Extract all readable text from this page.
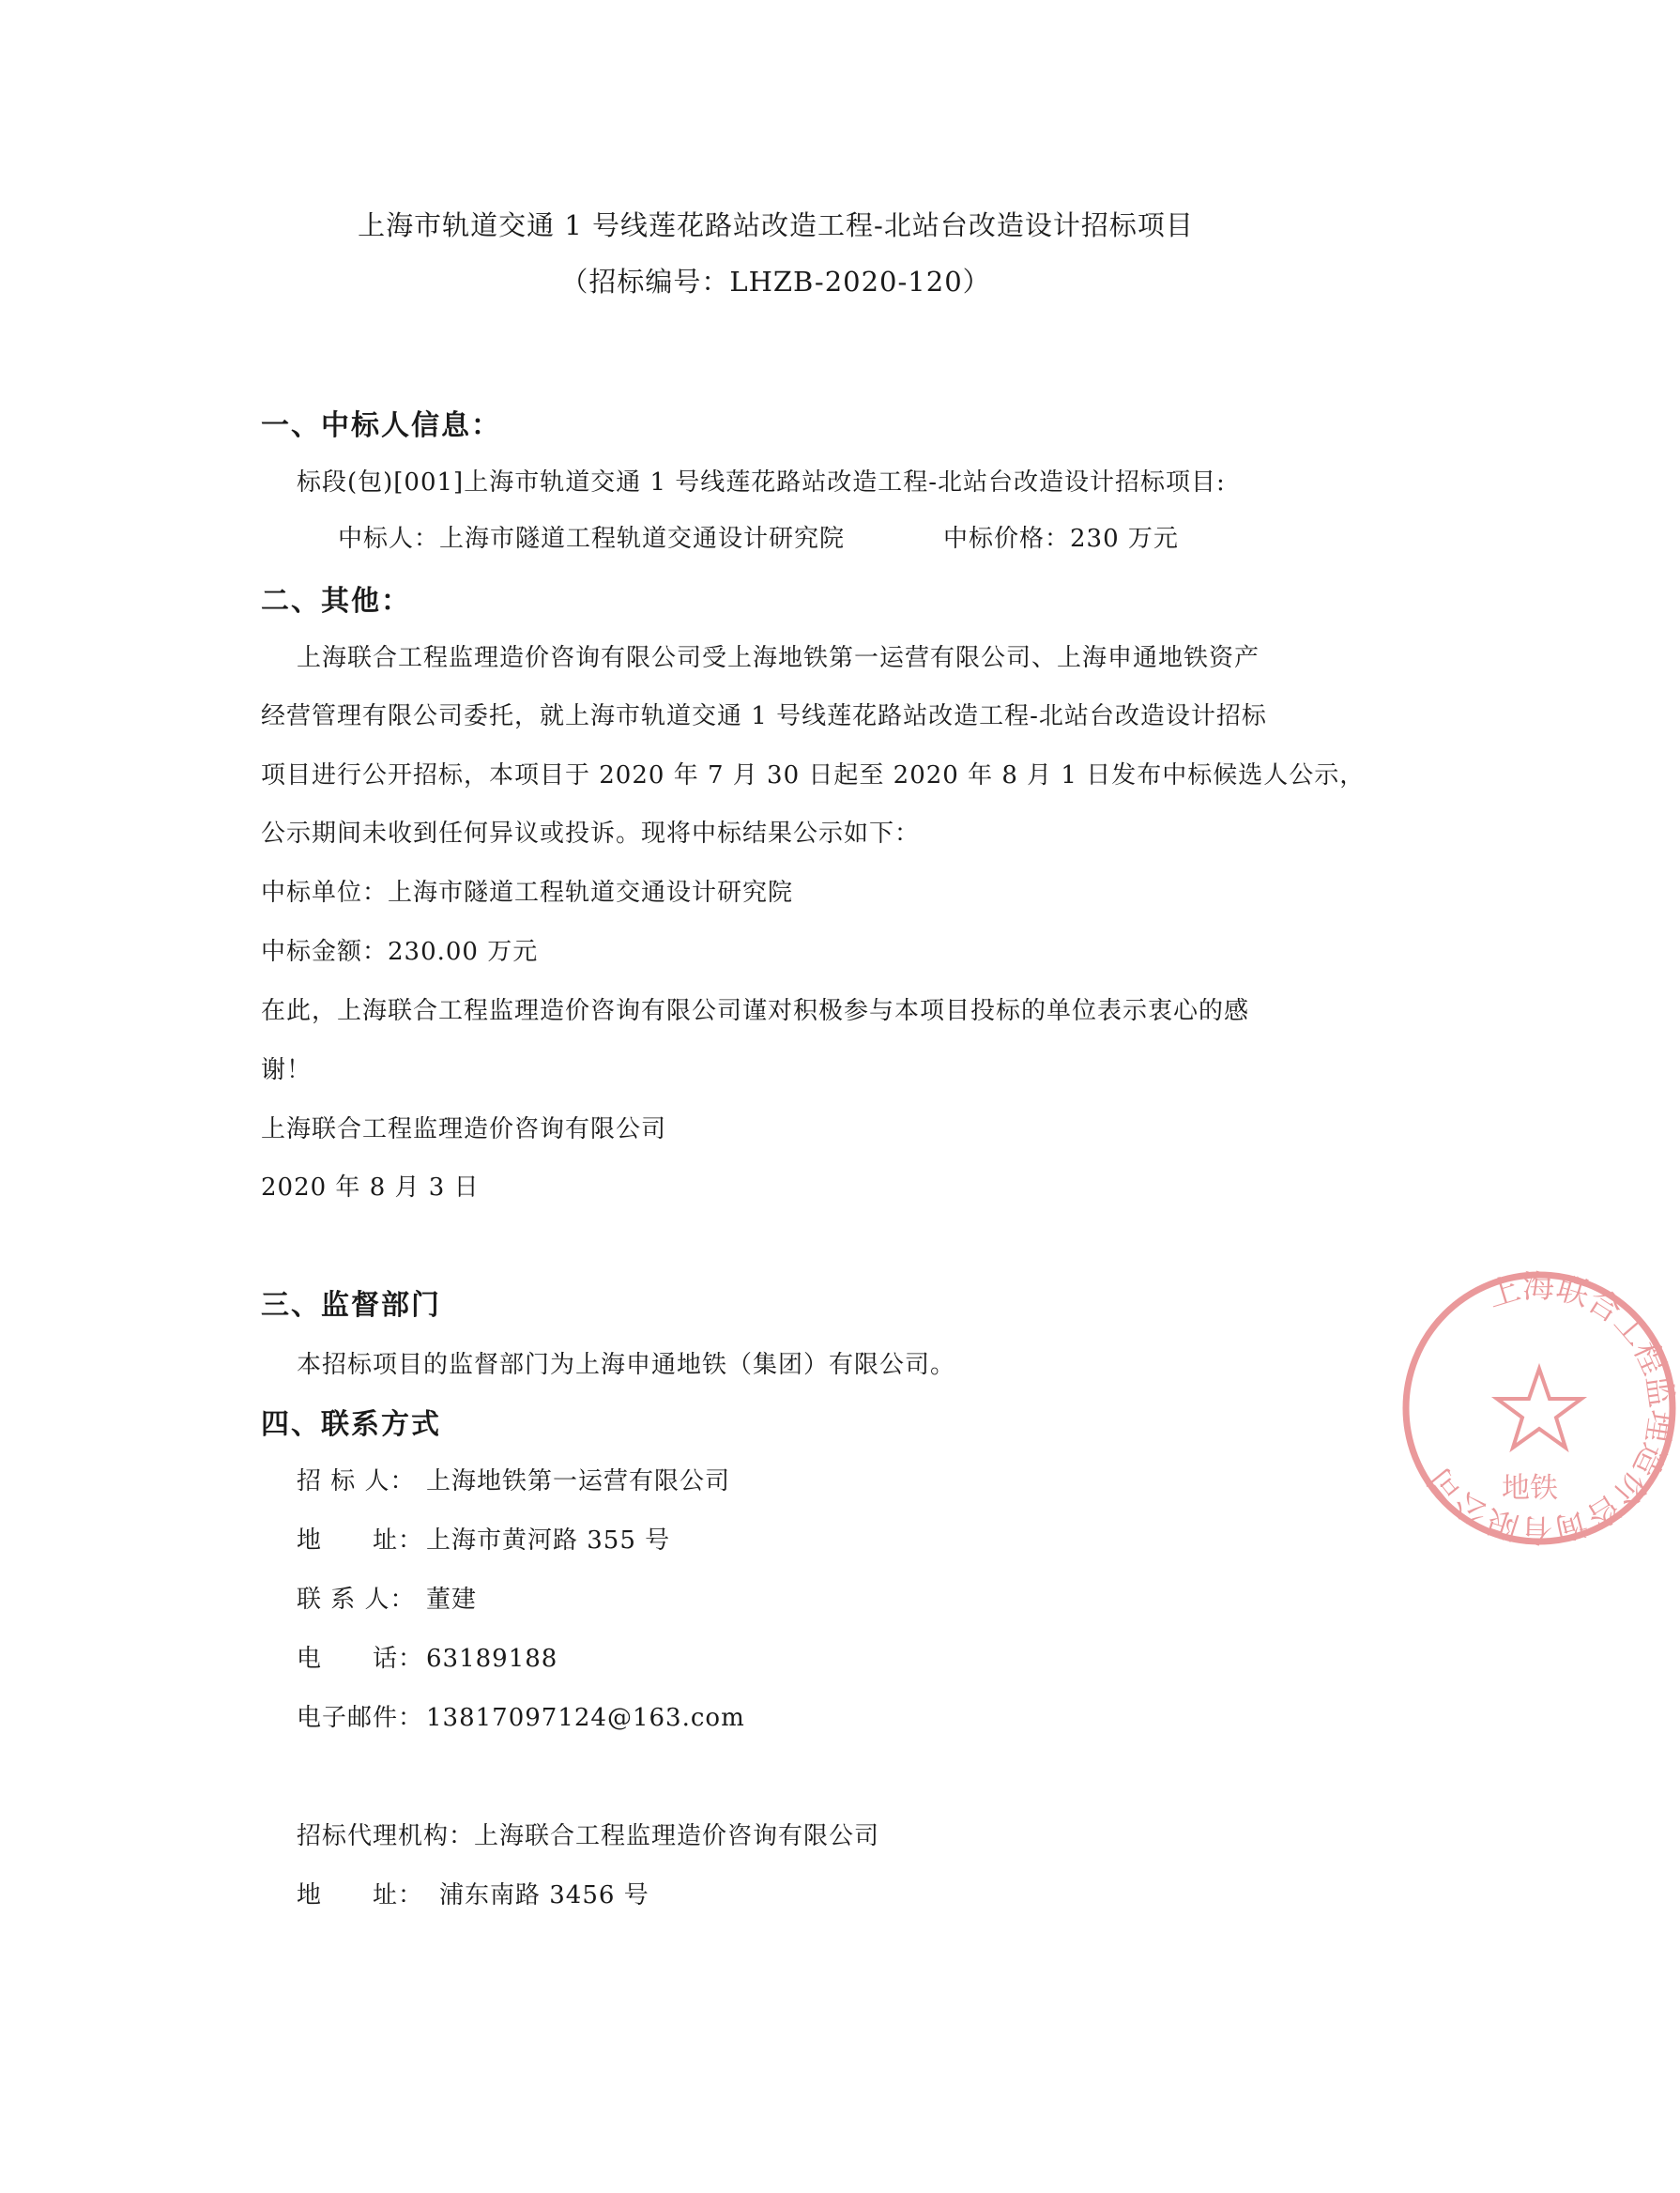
上海市轨道交通 1 号线莲花路站改造工程-北站台改造设计招标项目
（招标编号：LHZB-2020-120）
一、中标人信息：
标段(包)[001]上海市轨道交通 1 号线莲花路站改造工程-北站台改造设计招标项目:
中标人：上海市隧道工程轨道交通设计研究院	中标价格：230 万元
二、其他：
上海联合工程监理造价咨询有限公司受上海地铁第一运营有限公司、上海申通地铁资产
经营管理有限公司委托，就上海市轨道交通 1 号线莲花路站改造工程-北站台改造设计招标
项目进行公开招标，本项目于 2020 年 7 月 30 日起至 2020 年 8 月 1 日发布中标候选人公示，
公示期间未收到任何异议或投诉。现将中标结果公示如下：
中标单位：上海市隧道工程轨道交通设计研究院
中标金额：230.00 万元
在此，上海联合工程监理造价咨询有限公司谨对积极参与本项目投标的单位表示衷心的感
谢！
上海联合工程监理造价咨询有限公司
2020 年 8 月 3 日
三、监督部门
本招标项目的监督部门为上海申通地铁（集团）有限公司。
四、联系方式
招 标 人： 上海地铁第一运营有限公司
地　　址： 上海市黄河路 355 号
联 系 人： 董建
电　　话： 63189188
电子邮件： 13817097124@163.com
招标代理机构：上海联合工程监理造价咨询有限公司
地　　址： 浦东南路 3456 号
上海联合工程监理造价咨询有限公司	地铁
